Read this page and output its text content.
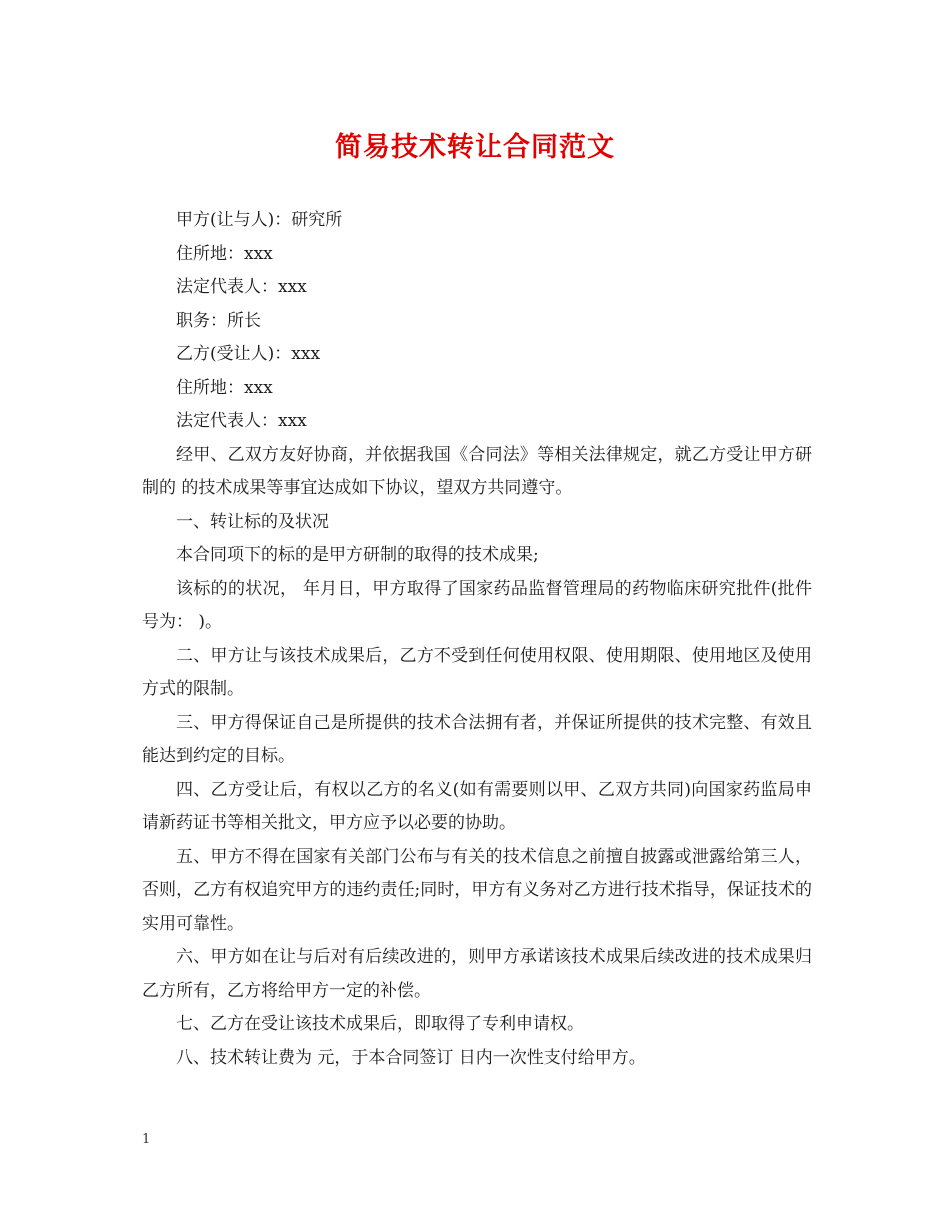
简易技术转让合同范文

甲方(让与人)：研究所

住所地：xxx

法定代表人：xxx

职务：所长

乙方(受让人)：xxx

住所地：xxx

法定代表人：xxx

经甲、乙双方友好协商，并依据我国《合同法》等相关法律规定，就乙方受让甲方研制的 的技术成果等事宜达成如下协议，望双方共同遵守。

一、转让标的及状况

本合同项下的标的是甲方研制的取得的技术成果;

该标的的状况， 年月日，甲方取得了国家药品监督管理局的药物临床研究批件(批件号为： )。

二、甲方让与该技术成果后，乙方不受到任何使用权限、使用期限、使用地区及使用方式的限制。

三、甲方得保证自己是所提供的技术合法拥有者，并保证所提供的技术完整、有效且能达到约定的目标。

四、乙方受让后，有权以乙方的名义(如有需要则以甲、乙双方共同)向国家药监局申请新药证书等相关批文，甲方应予以必要的协助。

五、甲方不得在国家有关部门公布与有关的技术信息之前擅自披露或泄露给第三人，否则，乙方有权追究甲方的违约责任;同时，甲方有义务对乙方进行技术指导，保证技术的实用可靠性。

六、甲方如在让与后对有后续改进的，则甲方承诺该技术成果后续改进的技术成果归乙方所有，乙方将给甲方一定的补偿。

七、乙方在受让该技术成果后，即取得了专利申请权。

八、技术转让费为 元，于本合同签订 日内一次性支付给甲方。

1
